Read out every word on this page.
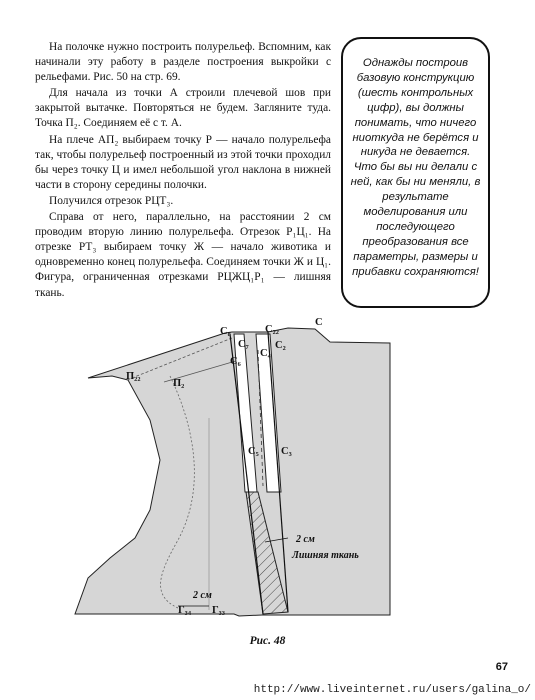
На полочке нужно построить полурельеф. Вспомним, как начинали эту работу в разделе построения выкройки с рельефами. Рис. 50 на стр. 69.

Для начала из точки А строили плечевой шов при закрытой вытачке. Повторяться не будем. Загляните туда. Точка П₂. Соединяем её с т. А.

На плече АП₂ выбираем точку Р — начало полурельефа так, чтобы полурельеф построенный из этой точки проходил бы через точку Ц и имел небольшой угол наклона в нижней части в сторону середины полочки.

Получился отрезок РЦТ₃.

Справа от него, параллельно, на расстоянии 2 см проводим вторую линию полурельефа. Отрезок Р₁Ц₁. На отрезке РТ₃ выбираем точку Ж — начало животика и одновременно конец полурельефа. Соединяем точки Ж и Ц₁. Фигура, ограниченная отрезками РЦЖЦ₁Р₁ — лишняя ткань.

Однажды построив базовую конструкцию (шесть контрольных цифр), вы должны понимать, что ничего ниоткуда не берётся и никуда не девается. Что бы вы ни делали с ней, как бы ни меняли, в результате моделирования или последующего преобразования все параметры, размеры и прибавки сохраняются!
С₈	С₂₂
С
С₇
С₆
С₄
С₂
П₂₂
П₂
С₅ С₃
Г₃₄ Г₃₃
2 см
2 см
Лишняя ткань
Рис. 48
67
http://www.liveinternet.ru/users/galina_o/
